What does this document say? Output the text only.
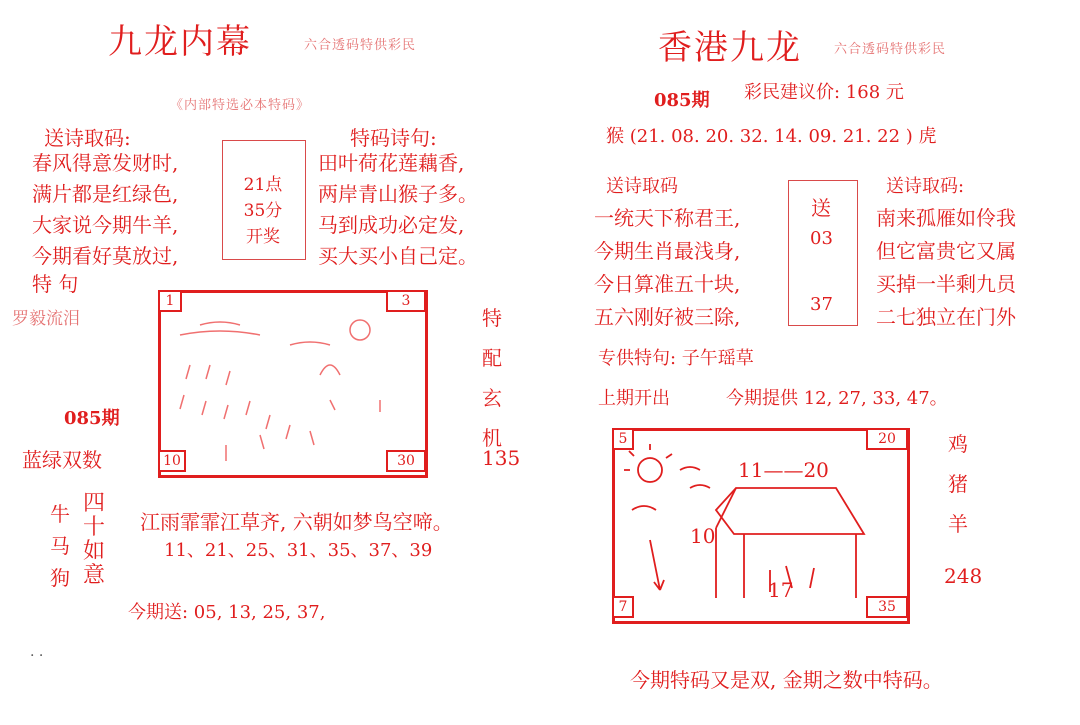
九龙内幕	六合透码特供彩民
《内部特选必本特码》
送诗取码:
春风得意发财时,
满片都是红绿色,
大家说今期牛羊,
今期看好莫放过,
21点
35分
开奖
特码诗句:
田叶荷花莲藕香,
两岸青山猴子多。
马到成功必定发,
买大买小自己定。
特 句
罗毅流泪
085期
蓝绿双数
1	3
10	30
特
配
玄
机
135
牛
马
狗
四
十
如
意
江雨霏霏江草齐, 六朝如梦鸟空啼。
11、21、25、31、35、37、39
今期送: 05, 13, 25, 37,
. .
香港九龙 六合透码特供彩民
085期 彩民建议价: 168 元
猴 (21. 08. 20. 32. 14. 09. 21. 22 ) 虎
送诗取码
一统天下称君王,
今期生肖最浅身,
今日算准五十块,
五六刚好被三除,
送
03
37
送诗取码:
南来孤雁如伶我
但它富贵它又属
买掉一半剩九员
二七独立在门外
专供特句: 子午瑶草
上期开出	今期提供 12, 27, 33, 47。
5	20
7	35
11——20
10
17
鸡
猪
羊
248
今期特码又是双, 金期之数中特码。
